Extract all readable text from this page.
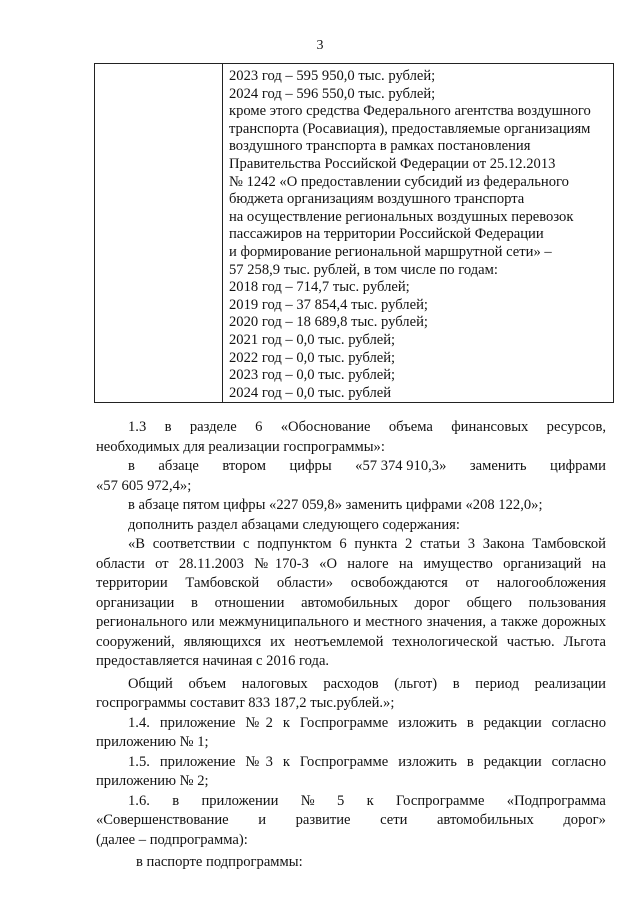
3
2023 год – 595 950,0 тыс. рублей;
2024 год – 596 550,0 тыс. рублей;
кроме этого средства Федерального агентства воздушного
транспорта (Росавиация), предоставляемые организациям
воздушного транспорта в рамках постановления
Правительства Российской Федерации от 25.12.2013
№ 1242 «О предоставлении субсидий из федерального
бюджета организациям воздушного транспорта
на осуществление региональных воздушных перевозок
пассажиров на территории Российской Федерации
и формирование региональной маршрутной сети» –
57 258,9 тыс. рублей, в том числе по годам:
2018 год – 714,7 тыс. рублей;
2019 год – 37 854,4 тыс. рублей;
2020 год – 18 689,8 тыс. рублей;
2021 год – 0,0 тыс. рублей;
2022 год – 0,0 тыс. рублей;
2023 год – 0,0 тыс. рублей;
2024 год – 0,0 тыс. рублей

1.3 в разделе 6 «Обоснование объема финансовых ресурсов,

необходимых для реализации госпрограммы»:

в абзаце втором цифры «57 374 910,3» заменить цифрами

«57 605 972,4»;

в абзаце пятом цифры «227 059,8» заменить цифрами «208 122,0»;

дополнить раздел абзацами следующего содержания:

«В соответствии с подпунктом 6 пункта 2 статьи 3 Закона Тамбовской области от 28.11.2003 №170-З «О налоге на имущество организаций на территории Тамбовской области» освобождаются от налогообложения организации в отношении автомобильных дорог общего пользования регионального или межмуниципального и местного значения, а также дорожных сооружений, являющихся их неотъемлемой технологической частью. Льгота предоставляется начиная с 2016 года.

Общий объем налоговых расходов (льгот) в период реализации госпрограммы составит 833 187,2 тыс.рублей.»;

1.4. приложение №2 к Госпрограмме изложить в редакции согласно приложению № 1;

1.5. приложение №3 к Госпрограмме изложить в редакции согласно приложению № 2;

1.6. в приложении № 5 к Госпрограмме «Подпрограмма
«Совершенствование и развитие сети автомобильных дорог»

(далее – подпрограмма):

в паспорте подпрограммы:
